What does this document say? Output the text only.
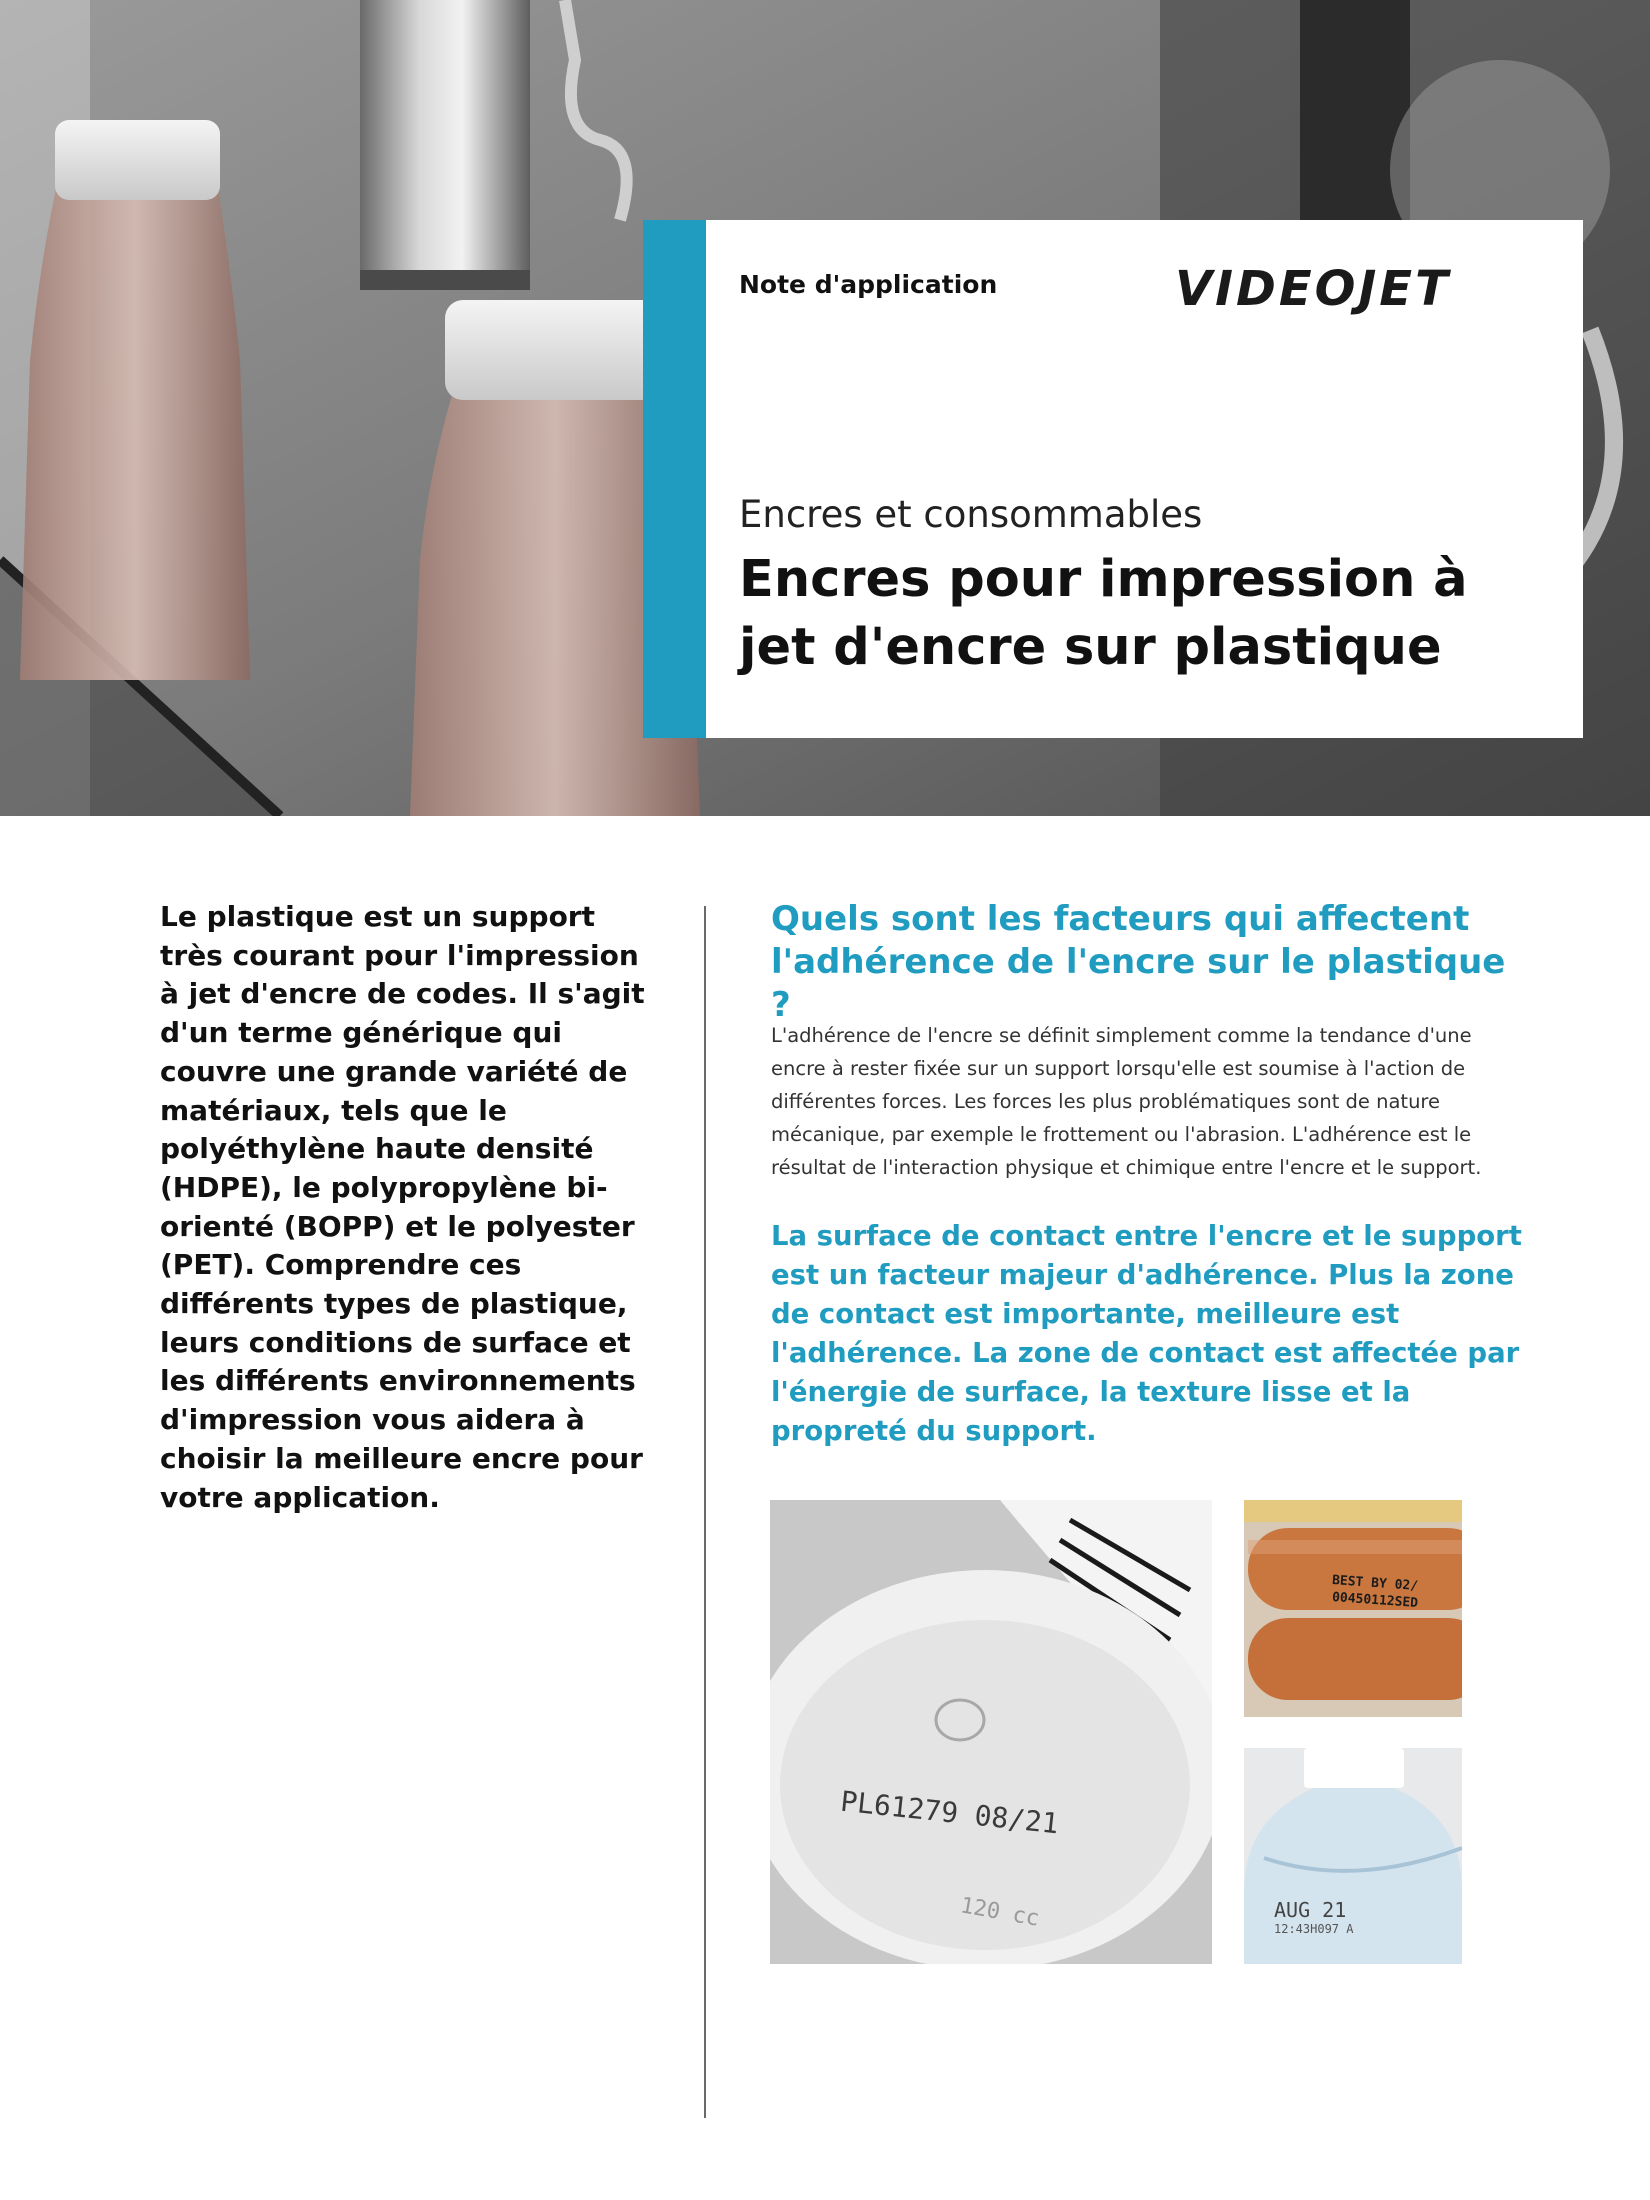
Note d'application	VIDEOJET
Encres et consommables
Encres pour impression à jet d'encre sur plastique

Le plastique est un support très courant pour l'impression à jet d'encre de codes. Il s'agit d'un terme générique qui couvre une grande variété de matériaux, tels que le polyéthylène haute densité (HDPE), le polypropylène bi-orienté (BOPP) et le polyester (PET). Comprendre ces différents types de plastique, leurs conditions de surface et les différents environnements d'impression vous aidera à choisir la meilleure encre pour votre application.

Quels sont les facteurs qui affectent l'adhérence de l'encre sur le plastique ?

L'adhérence de l'encre se définit simplement comme la tendance d'une encre à rester fixée sur un support lorsqu'elle est soumise à l'action de différentes forces. Les forces les plus problématiques sont de nature mécanique, par exemple le frottement ou l'abrasion. L'adhérence est le résultat de l'interaction physique et chimique entre l'encre et le support.

La surface de contact entre l'encre et le support est un facteur majeur d'adhérence. Plus la zone de contact est importante, meilleure est l'adhérence. La zone de contact est affectée par l'énergie de surface, la texture lisse et la propreté du support.

PL61279 08/21
120 cc
BEST BY 02/
00450112SED
AUG 21
12:43H097 A
